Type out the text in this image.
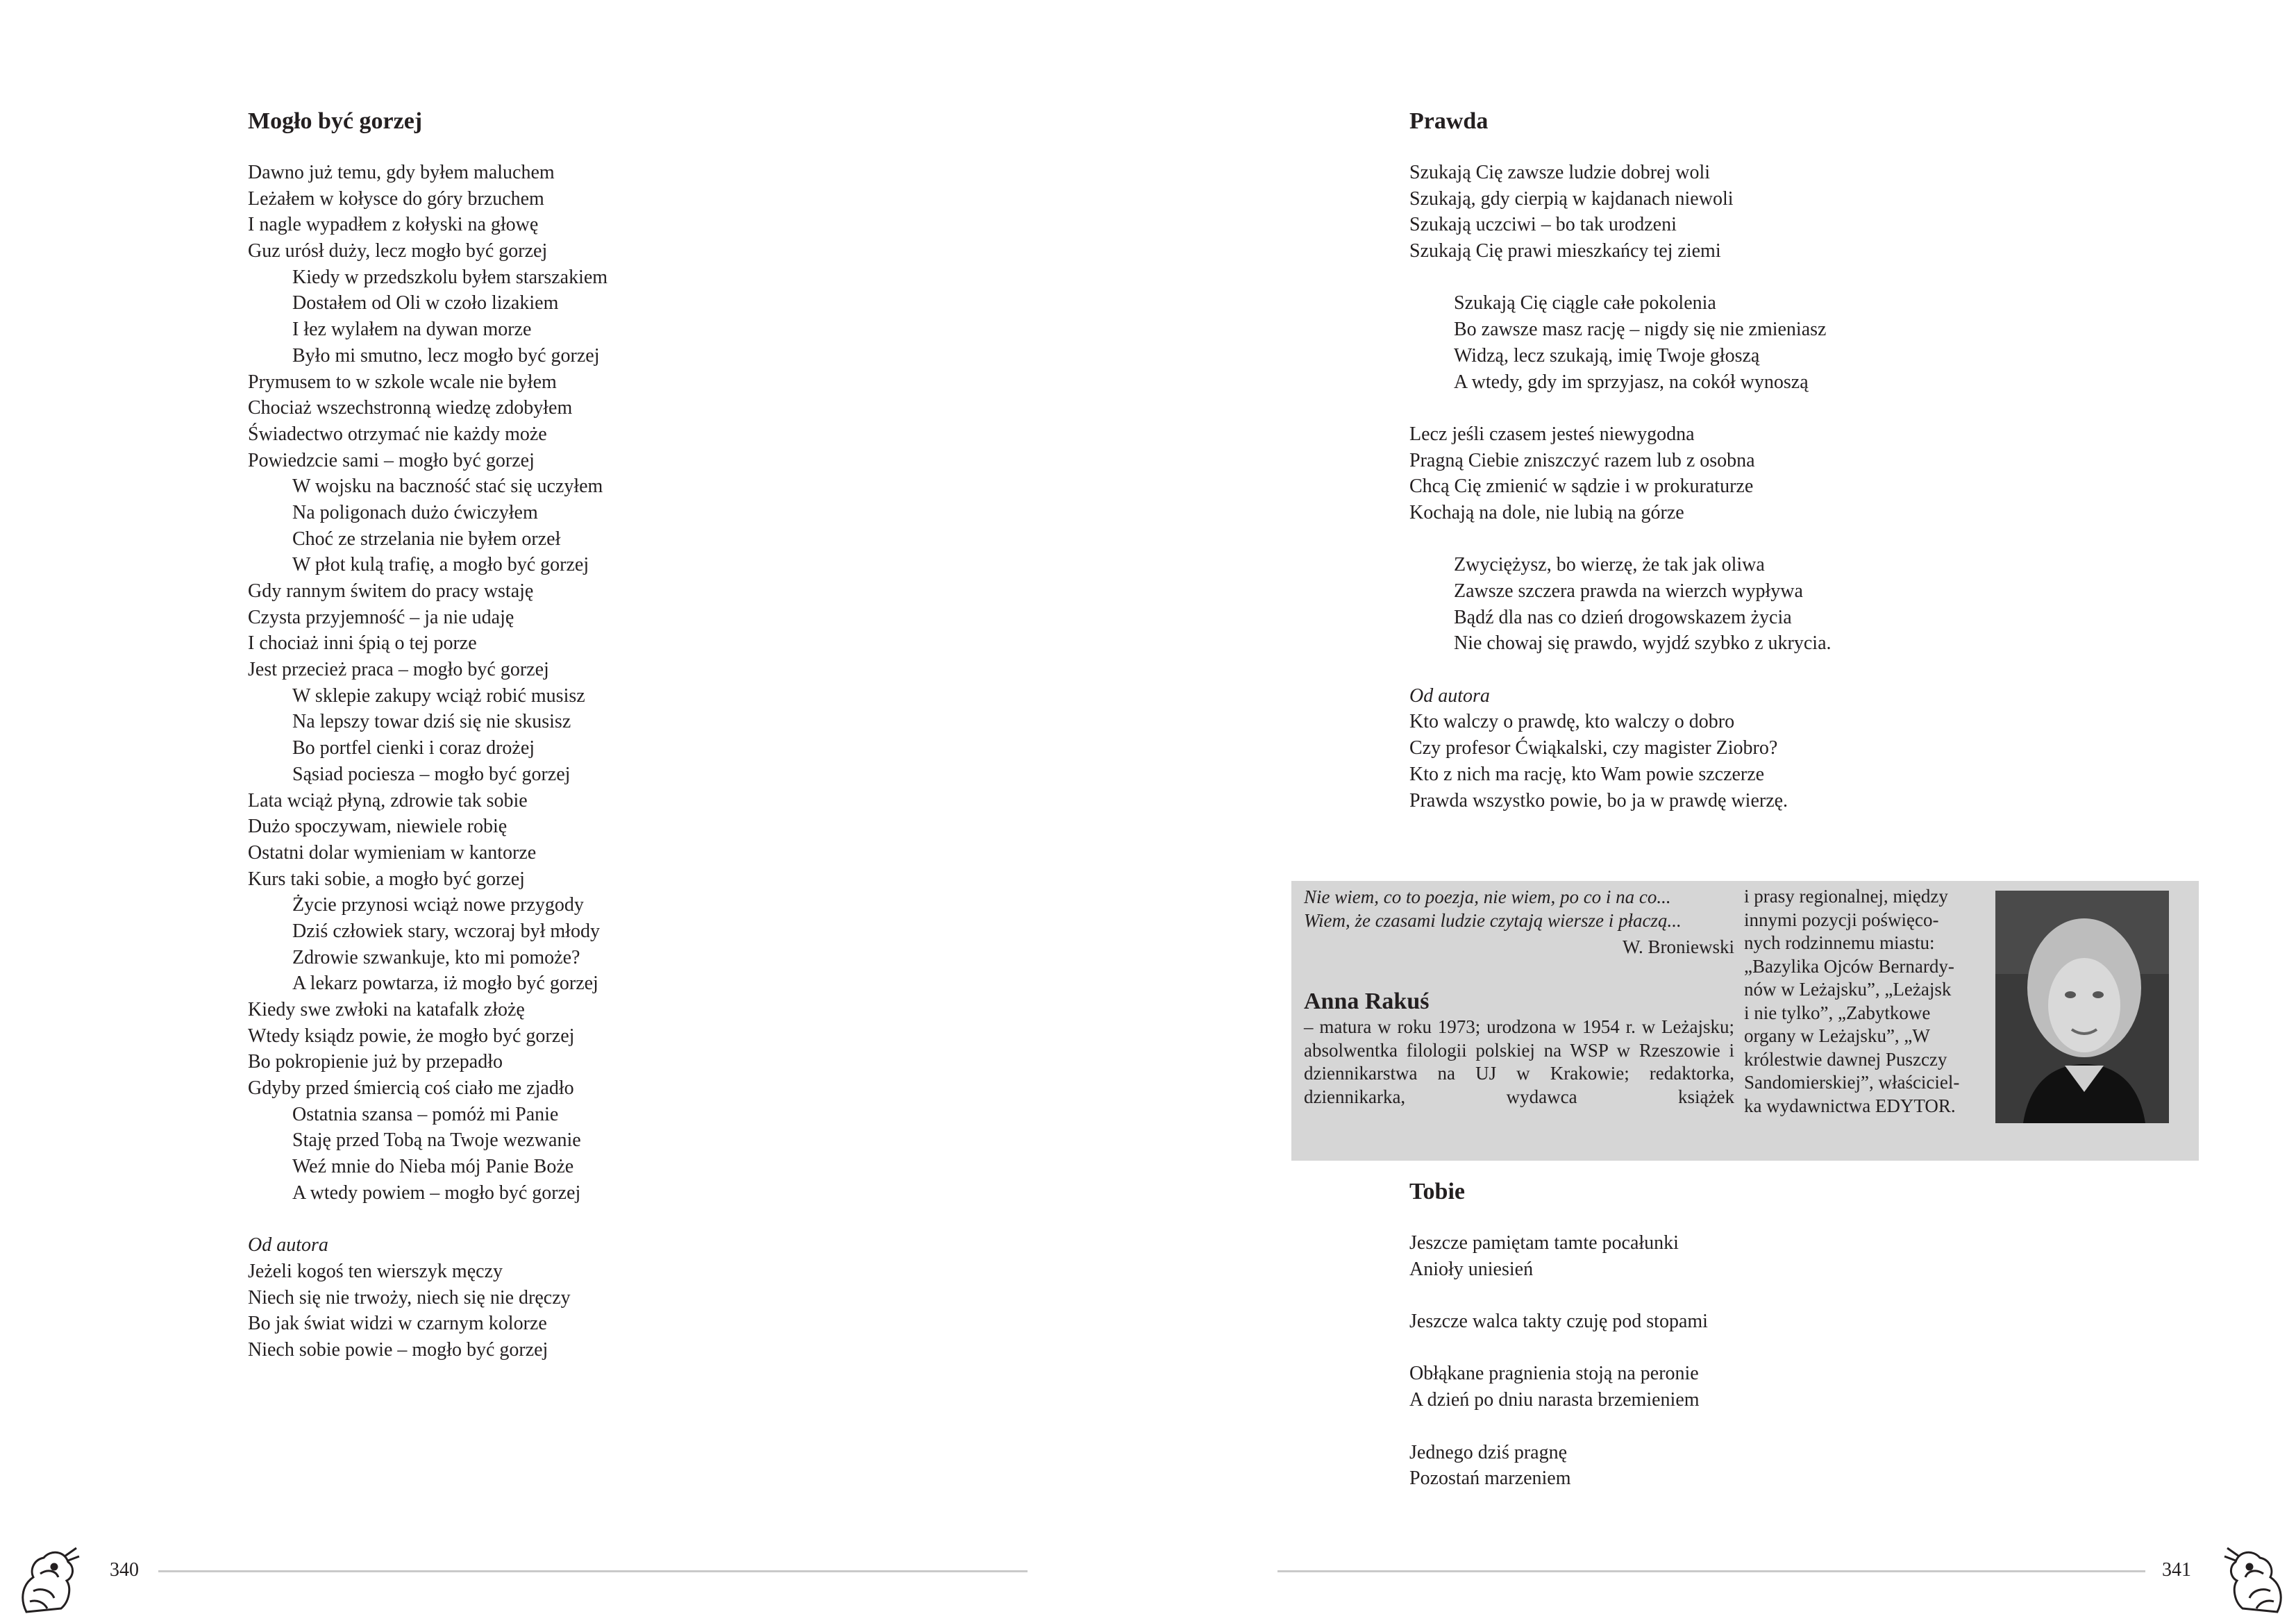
Mogło być gorzej
Dawno już temu, gdy byłem maluchem
Leżałem w kołysce do góry brzuchem
I nagle wypadłem z kołyski na głowę
Guz urósł duży, lecz mogło być gorzej
Kiedy w przedszkolu byłem starszakiem
Dostałem od Oli w czoło lizakiem
I łez wylałem na dywan morze
Było mi smutno, lecz mogło być gorzej
Prymusem to w szkole wcale nie byłem
Chociaż wszechstronną wiedzę zdobyłem
Świadectwo otrzymać nie każdy może
Powiedzcie sami – mogło być gorzej
W wojsku na baczność stać się uczyłem
Na poligonach dużo ćwiczyłem
Choć ze strzelania nie byłem orzeł
W płot kulą trafię, a mogło być gorzej
Gdy rannym świtem do pracy wstaję
Czysta przyjemność – ja nie udaję
I chociaż inni śpią o tej porze
Jest przecież praca – mogło być gorzej
W sklepie zakupy wciąż robić musisz
Na lepszy towar dziś się nie skusisz
Bo portfel cienki i coraz drożej
Sąsiad pociesza – mogło być gorzej
Lata wciąż płyną, zdrowie tak sobie
Dużo spoczywam, niewiele robię
Ostatni dolar wymieniam w kantorze
Kurs taki sobie, a mogło być gorzej
Życie przynosi wciąż nowe przygody
Dziś człowiek stary, wczoraj był młody
Zdrowie szwankuje, kto mi pomoże?
A lekarz powtarza, iż mogło być gorzej
Kiedy swe zwłoki na katafalk złożę
Wtedy ksiądz powie, że mogło być gorzej
Bo pokropienie już by przepadło
Gdyby przed śmiercią coś ciało me zjadło
Ostatnia szansa – pomóż mi Panie
Staję przed Tobą na Twoje wezwanie
Weź mnie do Nieba mój Panie Boże
A wtedy powiem – mogło być gorzej
Od autora
Jeżeli kogoś ten wierszyk męczy
Niech się nie trwoży, niech się nie dręczy
Bo jak świat widzi w czarnym kolorze
Niech sobie powie – mogło być gorzej
340
Prawda
Szukają Cię zawsze ludzie dobrej woli
Szukają, gdy cierpią w kajdanach niewoli
Szukają uczciwi – bo tak urodzeni
Szukają Cię prawi mieszkańcy tej ziemi
Szukają Cię ciągle całe pokolenia
Bo zawsze masz rację – nigdy się nie zmieniasz
Widzą, lecz szukają, imię Twoje głoszą
A wtedy, gdy im sprzyjasz, na cokół wynoszą
Lecz jeśli czasem jesteś niewygodna
Pragną Ciebie zniszczyć razem lub z osobna
Chcą Cię zmienić w sądzie i w prokuraturze
Kochają na dole, nie lubią na górze
Zwyciężysz, bo wierzę, że tak jak oliwa
Zawsze szczera prawda na wierzch wypływa
Bądź dla nas co dzień drogowskazem życia
Nie chowaj się prawdo, wyjdź szybko z ukrycia.
Od autora
Kto walczy o prawdę, kto walczy o dobro
Czy profesor Ćwiąkalski, czy magister Ziobro?
Kto z nich ma rację, kto Wam powie szczerze
Prawda wszystko powie, bo ja w prawdę wierzę.
Nie wiem, co to poezja, nie wiem, po co i na co...
Wiem, że czasami ludzie czytają wiersze i płaczą...
W. Broniewski
Anna Rakuś
– matura w roku 1973; urodzona w 1954 r. w Leżajsku; absolwentka filologii polskiej na WSP w Rzeszowie i dziennikarstwa na UJ w Krakowie; redaktorka, dziennikarka, wydawca książek
i prasy regionalnej, między
innymi pozycji poświęco-
nych rodzinnemu miastu:
„Bazylika Ojców Bernardy-
nów w Leżajsku”, „Leżajsk
i nie tylko”, „Zabytkowe
organy w Leżajsku”, „W
królestwie dawnej Puszczy
Sandomierskiej”, właściciel-
ka wydawnictwa EDYTOR.
Tobie
Jeszcze pamiętam tamte pocałunki
Anioły uniesień
Jeszcze walca takty czuję pod stopami
Obłąkane pragnienia stoją na peronie
A dzień po dniu narasta brzemieniem
Jednego dziś pragnę
Pozostań marzeniem
341
